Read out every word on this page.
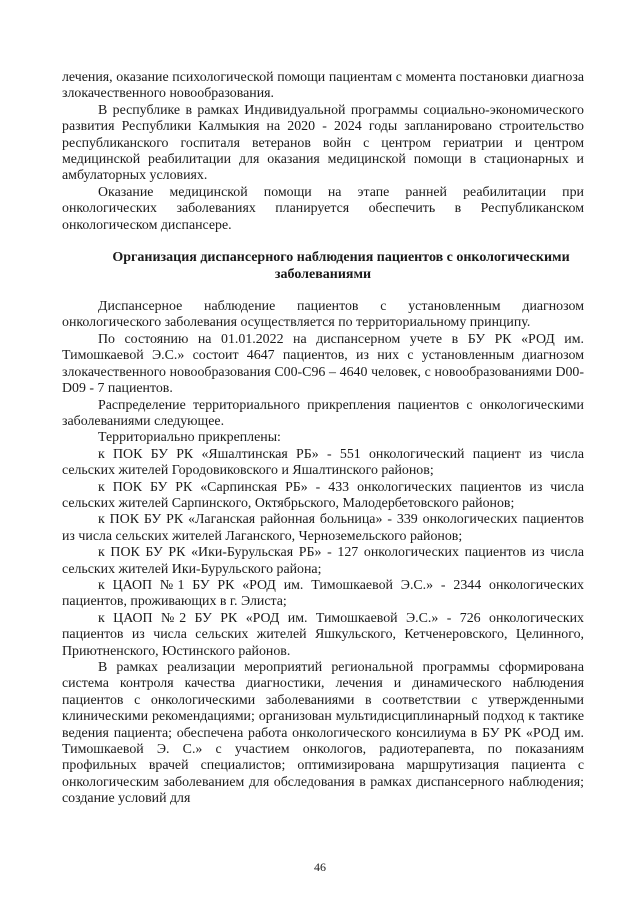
лечения, оказание психологической помощи пациентам с момента постановки диагноза злокачественного новообразования.

В республике в рамках Индивидуальной программы социально-экономического развития Республики Калмыкия на 2020 - 2024 годы запланировано строительство республиканского госпиталя ветеранов войн с центром гериатрии и центром медицинской реабилитации для оказания медицинской помощи в стационарных и амбулаторных условиях.

Оказание медицинской помощи на этапе ранней реабилитации при онкологических заболеваниях планируется обеспечить в Республиканском онкологическом диспансере.

Организация диспансерного наблюдения пациентов с онкологическими заболеваниями

Диспансерное наблюдение пациентов с установленным диагнозом онкологического заболевания осуществляется по территориальному принципу.

По состоянию на 01.01.2022 на диспансерном учете в БУ РК «РОД им. Тимошкаевой Э.С.» состоит 4647 пациентов, из них с установленным диагнозом злокачественного новообразования С00-С96 – 4640 человек, с новообразованиями D00-D09 - 7 пациентов.

Распределение территориального прикрепления пациентов с онкологическими заболеваниями следующее.

Территориально прикреплены:

к ПОК БУ РК «Яшалтинская РБ» - 551 онкологический пациент из числа сельских жителей Городовиковского и Яшалтинского районов;

к ПОК БУ РК «Сарпинская РБ» - 433 онкологических пациентов из числа сельских жителей Сарпинского, Октябрьского, Малодербетовского районов;

к ПОК БУ РК «Лаганская районная больница» - 339 онкологических пациентов из числа сельских жителей Лаганского, Черноземельского районов;

к ПОК БУ РК «Ики-Бурульская РБ» - 127 онкологических пациентов из числа сельских жителей Ики-Бурульского района;

к ЦАОП №1 БУ РК «РОД им. Тимошкаевой Э.С.» - 2344 онкологических пациентов, проживающих в г. Элиста;

к ЦАОП №2 БУ РК «РОД им. Тимошкаевой Э.С.» - 726 онкологических пациентов из числа сельских жителей Яшкульского, Кетченеровского, Целинного, Приютненского, Юстинского районов.

В рамках реализации мероприятий региональной программы сформирована система контроля качества диагностики, лечения и динамического наблюдения пациентов с онкологическими заболеваниями в соответствии с утвержденными клиническими рекомендациями; организован мультидисциплинарный подход к тактике ведения пациента; обеспечена работа онкологического консилиума в БУ РК «РОД им. Тимошкаевой Э. С.» с участием онкологов, радиотерапевта, по показаниям профильных врачей специалистов; оптимизирована маршрутизация пациента с онкологическим заболеванием для обследования в рамках диспансерного наблюдения; создание условий для

46
